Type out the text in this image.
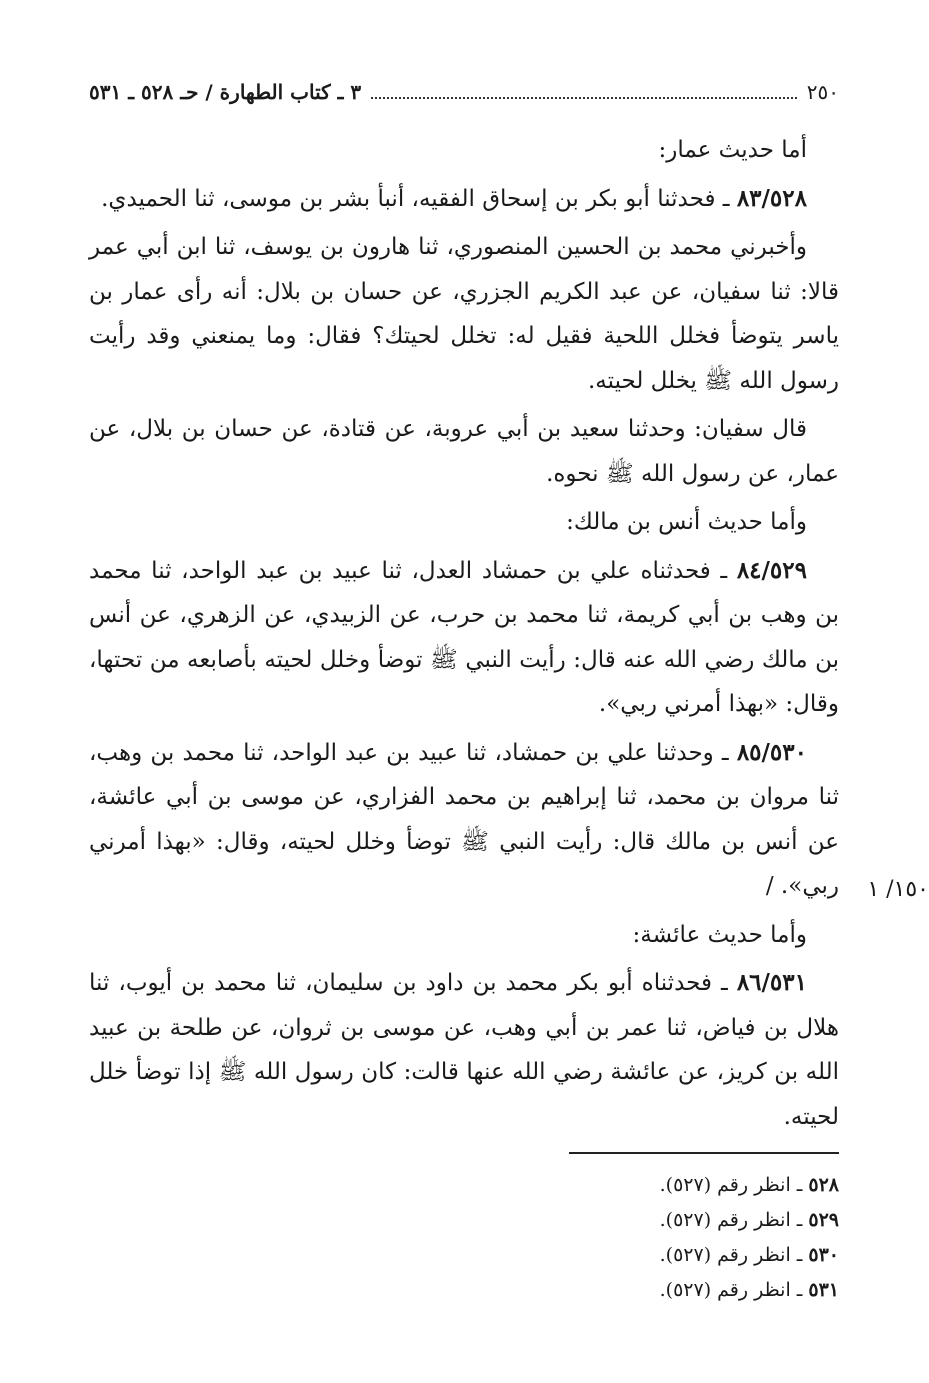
٢٥٠
٣ ـ كتاب الطهارة / حـ ٥٢٨ ـ ٥٣١

أما حديث عمار:

٨٣/٥٢٨ ـ فحدثنا أبو بكر بن إسحاق الفقيه، أنبأ بشر بن موسى، ثنا الحميدي.

وأخبرني محمد بن الحسين المنصوري، ثنا هارون بن يوسف، ثنا ابن أبي عمر قالا: ثنا سفيان، عن عبد الكريم الجزري، عن حسان بن بلال: أنه رأى عمار بن ياسر يتوضأ فخلل اللحية فقيل له: تخلل لحيتك؟ فقال: وما يمنعني وقد رأيت رسول الله ﷺ يخلل لحيته.

قال سفيان: وحدثنا سعيد بن أبي عروبة، عن قتادة، عن حسان بن بلال، عن عمار، عن رسول الله ﷺ نحوه.

وأما حديث أنس بن مالك:

٨٤/٥٢٩ ـ فحدثناه علي بن حمشاد العدل، ثنا عبيد بن عبد الواحد، ثنا محمد بن وهب بن أبي كريمة، ثنا محمد بن حرب، عن الزبيدي، عن الزهري، عن أنس بن مالك رضي الله عنه قال: رأيت النبي ﷺ توضأ وخلل لحيته بأصابعه من تحتها، وقال: «بهذا أمرني ربي».

٨٥/٥٣٠ ـ وحدثنا علي بن حمشاد، ثنا عبيد بن عبد الواحد، ثنا محمد بن وهب، ثنا مروان بن محمد، ثنا إبراهيم بن محمد الفزاري، عن موسى بن أبي عائشة، عن أنس بن مالك قال: رأيت النبي ﷺ توضأ وخلل لحيته، وقال: «بهذا أمرني ربي». /

وأما حديث عائشة:

٨٦/٥٣١ ـ فحدثناه أبو بكر محمد بن داود بن سليمان، ثنا محمد بن أيوب، ثنا هلال بن فياض، ثنا عمر بن أبي وهب، عن موسى بن ثروان، عن طلحة بن عبيد الله بن كريز، عن عائشة رضي الله عنها قالت: كان رسول الله ﷺ إذا توضأ خلل لحيته.

١٥٠/ ١
٥٢٨ ـ انظر رقم (٥٢٧).
٥٢٩ ـ انظر رقم (٥٢٧).
٥٣٠ ـ انظر رقم (٥٢٧).
٥٣١ ـ انظر رقم (٥٢٧).
